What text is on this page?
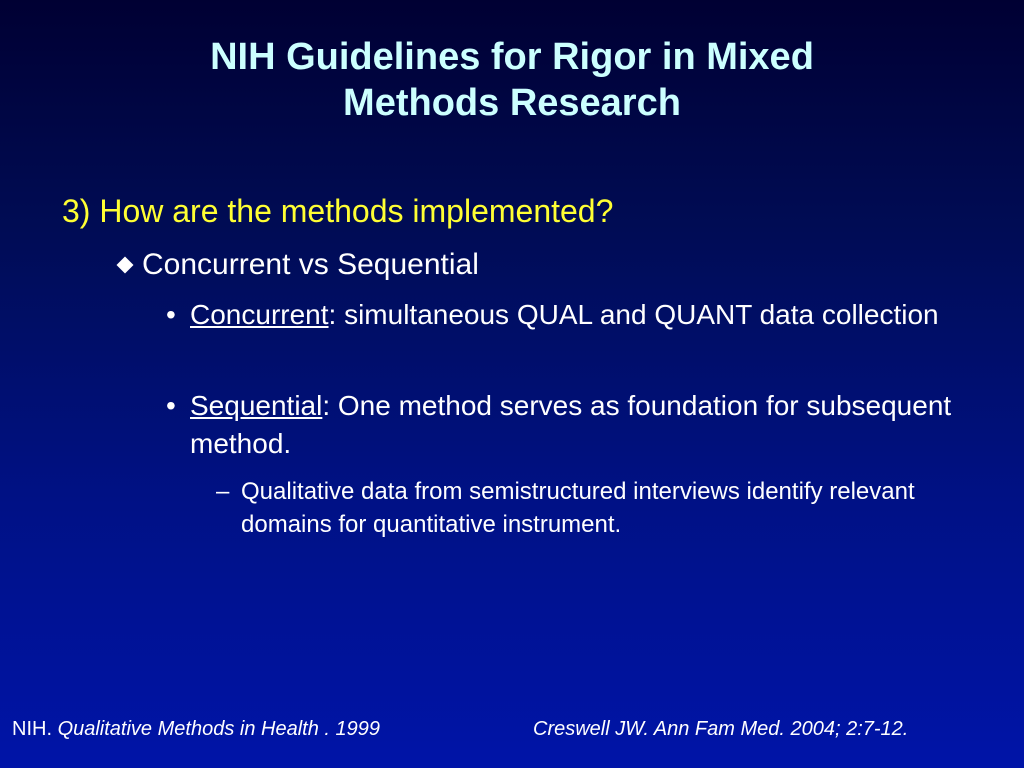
NIH Guidelines for Rigor in Mixed
Methods Research
3) How are the methods implemented?
Concurrent vs Sequential
• Concurrent: simultaneous QUAL and QUANT data collection
• Sequential: One method serves as foundation for subsequent method.
– Qualitative data from semistructured interviews identify relevant domains for quantitative instrument.
NIH. Qualitative Methods in Health . 1999	Creswell JW. Ann Fam Med. 2004; 2:7-12.
